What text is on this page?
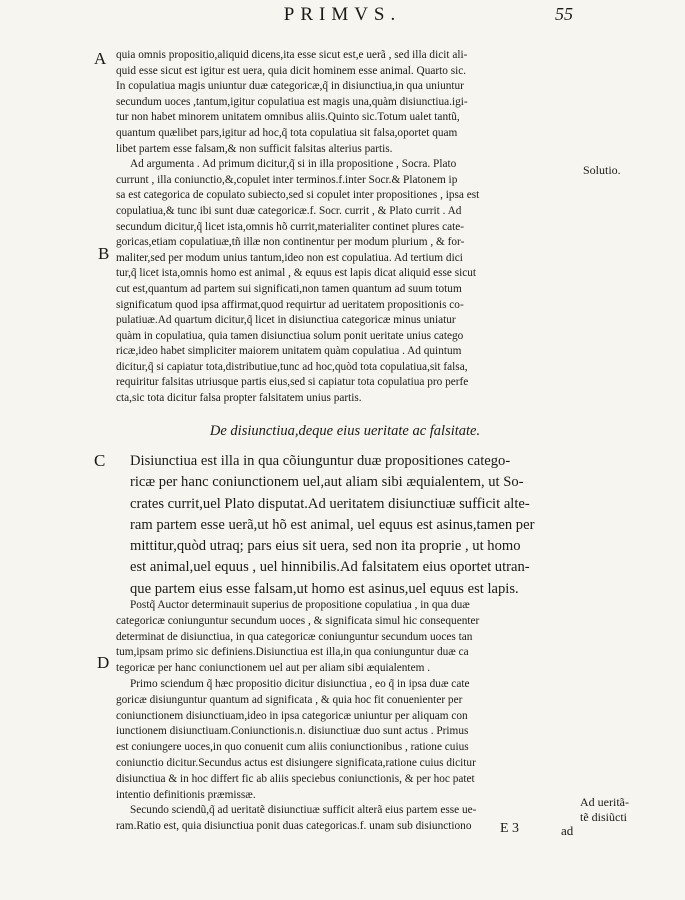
PRIMVS.	55
A
B
C
D
Solutio.
Ad ueritã-
tẽ disiũcti
quia omnis propositio,aliquid dicens,ita esse sicut est,e uerã , sed illa dicit ali-
quid esse sicut est igitur est uera, quia dicit hominem esse animal. Quarto sic.
In copulatiua magis uniuntur duæ categoricæ,q̃ in disiunctiua,in qua uniuntur
secundum uoces ,tantum,igitur copulatiua est magis una,quàm disiunctiua.igi-
tur non habet minorem unitatem omnibus aliis.Quinto sic.Totum ualet tantũ,
quantum quælibet pars,igitur ad hoc,q̃ tota copulatiua sit falsa,oportet quam
libet partem esse falsam,& non sufficit falsitas alterius partis.
Ad argumenta . Ad primum dicitur,q̃ si in illa propositione , Socra. Plato
currunt , illa coniunctio,&,copulet inter terminos.f.inter Socr.& Platonem ip
sa est categorica de copulato subiecto,sed si copulet inter propositiones , ipsa est
copulatiua,& tunc ibi sunt duæ categoricæ.f. Socr. currit , & Plato currit . Ad
secundum dicitur,q̃ licet ista,omnis hõ currit,materialiter continet plures cate-
goricas,etiam copulatiuæ,tñ illæ non continentur per modum plurium , & for-
maliter,sed per modum unius tantum,ideo non est copulatiua. Ad tertium dici
tur,q̃ licet ista,omnis homo est animal , & equus est lapis dicat aliquid esse sicut
cut est,quantum ad partem sui significati,non tamen quantum ad suum totum
significatum quod ipsa affirmat,quod requirtur ad ueritatem propositionis co-
pulatiuæ.Ad quartum dicitur,q̃ licet in disiunctiua categoricæ minus uniatur
quàm in copulatiua, quia tamen disiunctiua solum ponit ueritate unius catego
ricæ,ideo habet simpliciter maiorem unitatem quàm copulatiua . Ad quintum
dicitur,q̃ si capiatur tota,distributiue,tunc ad hoc,quòd tota copulatiua,sit falsa,
requiritur falsitas utriusque partis eius,sed si capiatur tota copulatiua pro perfe
cta,sic tota dicitur falsa propter falsitatem unius partis.
De disiunctiua,deque eius ueritate ac falsitate.
Disiunctiua est illa in qua cõiunguntur duæ propositiones catego-
ricæ per hanc coniunctionem uel,aut aliam sibi æquialentem, ut So-
crates currit,uel Plato disputat.Ad ueritatem disiunctiuæ sufficit alte-
ram partem esse uerã,ut hõ est animal, uel equus est asinus,tamen per
mittitur,quòd utraq; pars eius sit uera, sed non ita proprie , ut homo
est animal,uel equus , uel hinnibilis.Ad falsitatem eius oportet utran-
que partem eius esse falsam,ut homo est asinus,uel equus est lapis.
Postq̃ Auctor determinauit superius de propositione copulatiua , in qua duæ
categoricæ coniunguntur secundum uoces , & significata simul hic consequenter
determinat de disiunctiua, in qua categoricæ coniunguntur secundum uoces tan
tum,ipsam primo sic definiens.Disiunctiua est illa,in qua coniunguntur duæ ca
tegoricæ per hanc coniunctionem uel aut per aliam sibi æquialentem .
Primo sciendum q̃ hæc propositio dicitur disiunctiua , eo q̃ in ipsa duæ cate
goricæ disiunguntur quantum ad significata , & quia hoc fit conuenienter per
coniunctionem disiunctiuam,ideo in ipsa categoricæ uniuntur per aliquam con
iunctionem disiunctiuam.Coniunctionis.n. disiunctiuæ duo sunt actus . Primus
est coniungere uoces,in quo conuenit cum aliis coniunctionibus , ratione cuius
coniunctio dicitur.Secundus actus est disiungere significata,ratione cuius dicitur
disiunctiua & in hoc differt fic ab aliis speciebus coniunctionis, & per hoc patet
intentio definitionis præmissæ.
Secundo sciendũ,q̃ ad ueritatẽ disiunctiuæ sufficit alterã eius partem esse ue-
ram.Ratio est, quia disiunctiua ponit duas categoricas.f. unam sub disiunctiono	E 3	ad
